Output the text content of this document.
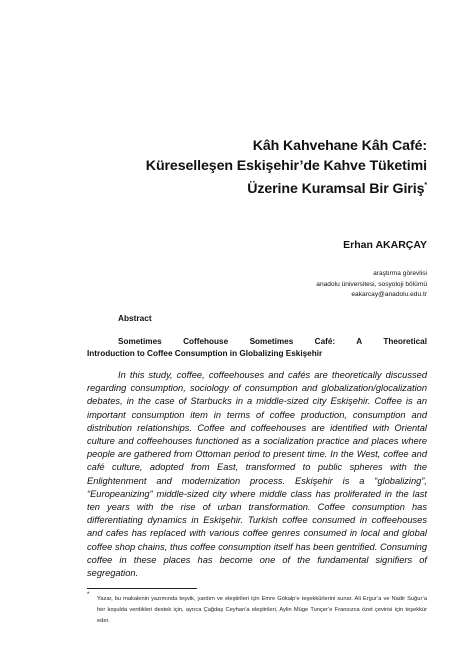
Kâh Kahvehane Kâh Café:
Küreselleşen Eskişehir’de Kahve Tüketimi
Üzerine Kuramsal Bir Giriş*
Erhan AKARÇAY
araştırma görevlisi
anadolu üniversitesi, sosyoloji bölümü
eakarcay@anadolu.edu.tr
Abstract
Sometimes Coffehouse Sometimes Café: A Theoretical
Introduction to Coffee Consumption in Globalizing Eskişehir

In this study, coffee, coffeehouses and cafés are theoretically discussed regarding consumption, sociology of consumption and globalization/glocalization debates, in the case of Starbucks in a middle-sized city Eskişehir. Coffee is an important consumption item in terms of coffee production, consumption and distribution relationships. Coffee and coffeehouses are identified with Oriental culture and coffeehouses functioned as a socialization practice and places where people are gathered from Ottoman period to present time. In the West, coffee and café culture, adopted from East, transformed to public spheres with the Enlightenment and modernization process. Eskişehir is a “globalizing”, “Europeanizing” middle-sized city where middle class has proliferated in the last ten years with the rise of urban transformation. Coffee consumption has differentiating dynamics in Eskişehir. Turkish coffee consumed in coffeehouses and cafes has replaced with various coffee genres consumed in local and global coffee shop chains, thus coffee consumption itself has been gentrified. Consuming coffee in these places has become one of the fundamental signifiers of segregation.

*

Yazar, bu makalenin yazımında teşvik, yardım ve eleştirileri için Emre Gökalp’e teşekkürlerini sunar. Ali Ergur’a ve Nadir Suğur’a her koşulda verdikleri destek için, ayrıca Çağdaş Ceyhan’a eleştirileri, Aylin Müge Tunçer’e Fransızca özet çevirisi için teşekkür eder.
